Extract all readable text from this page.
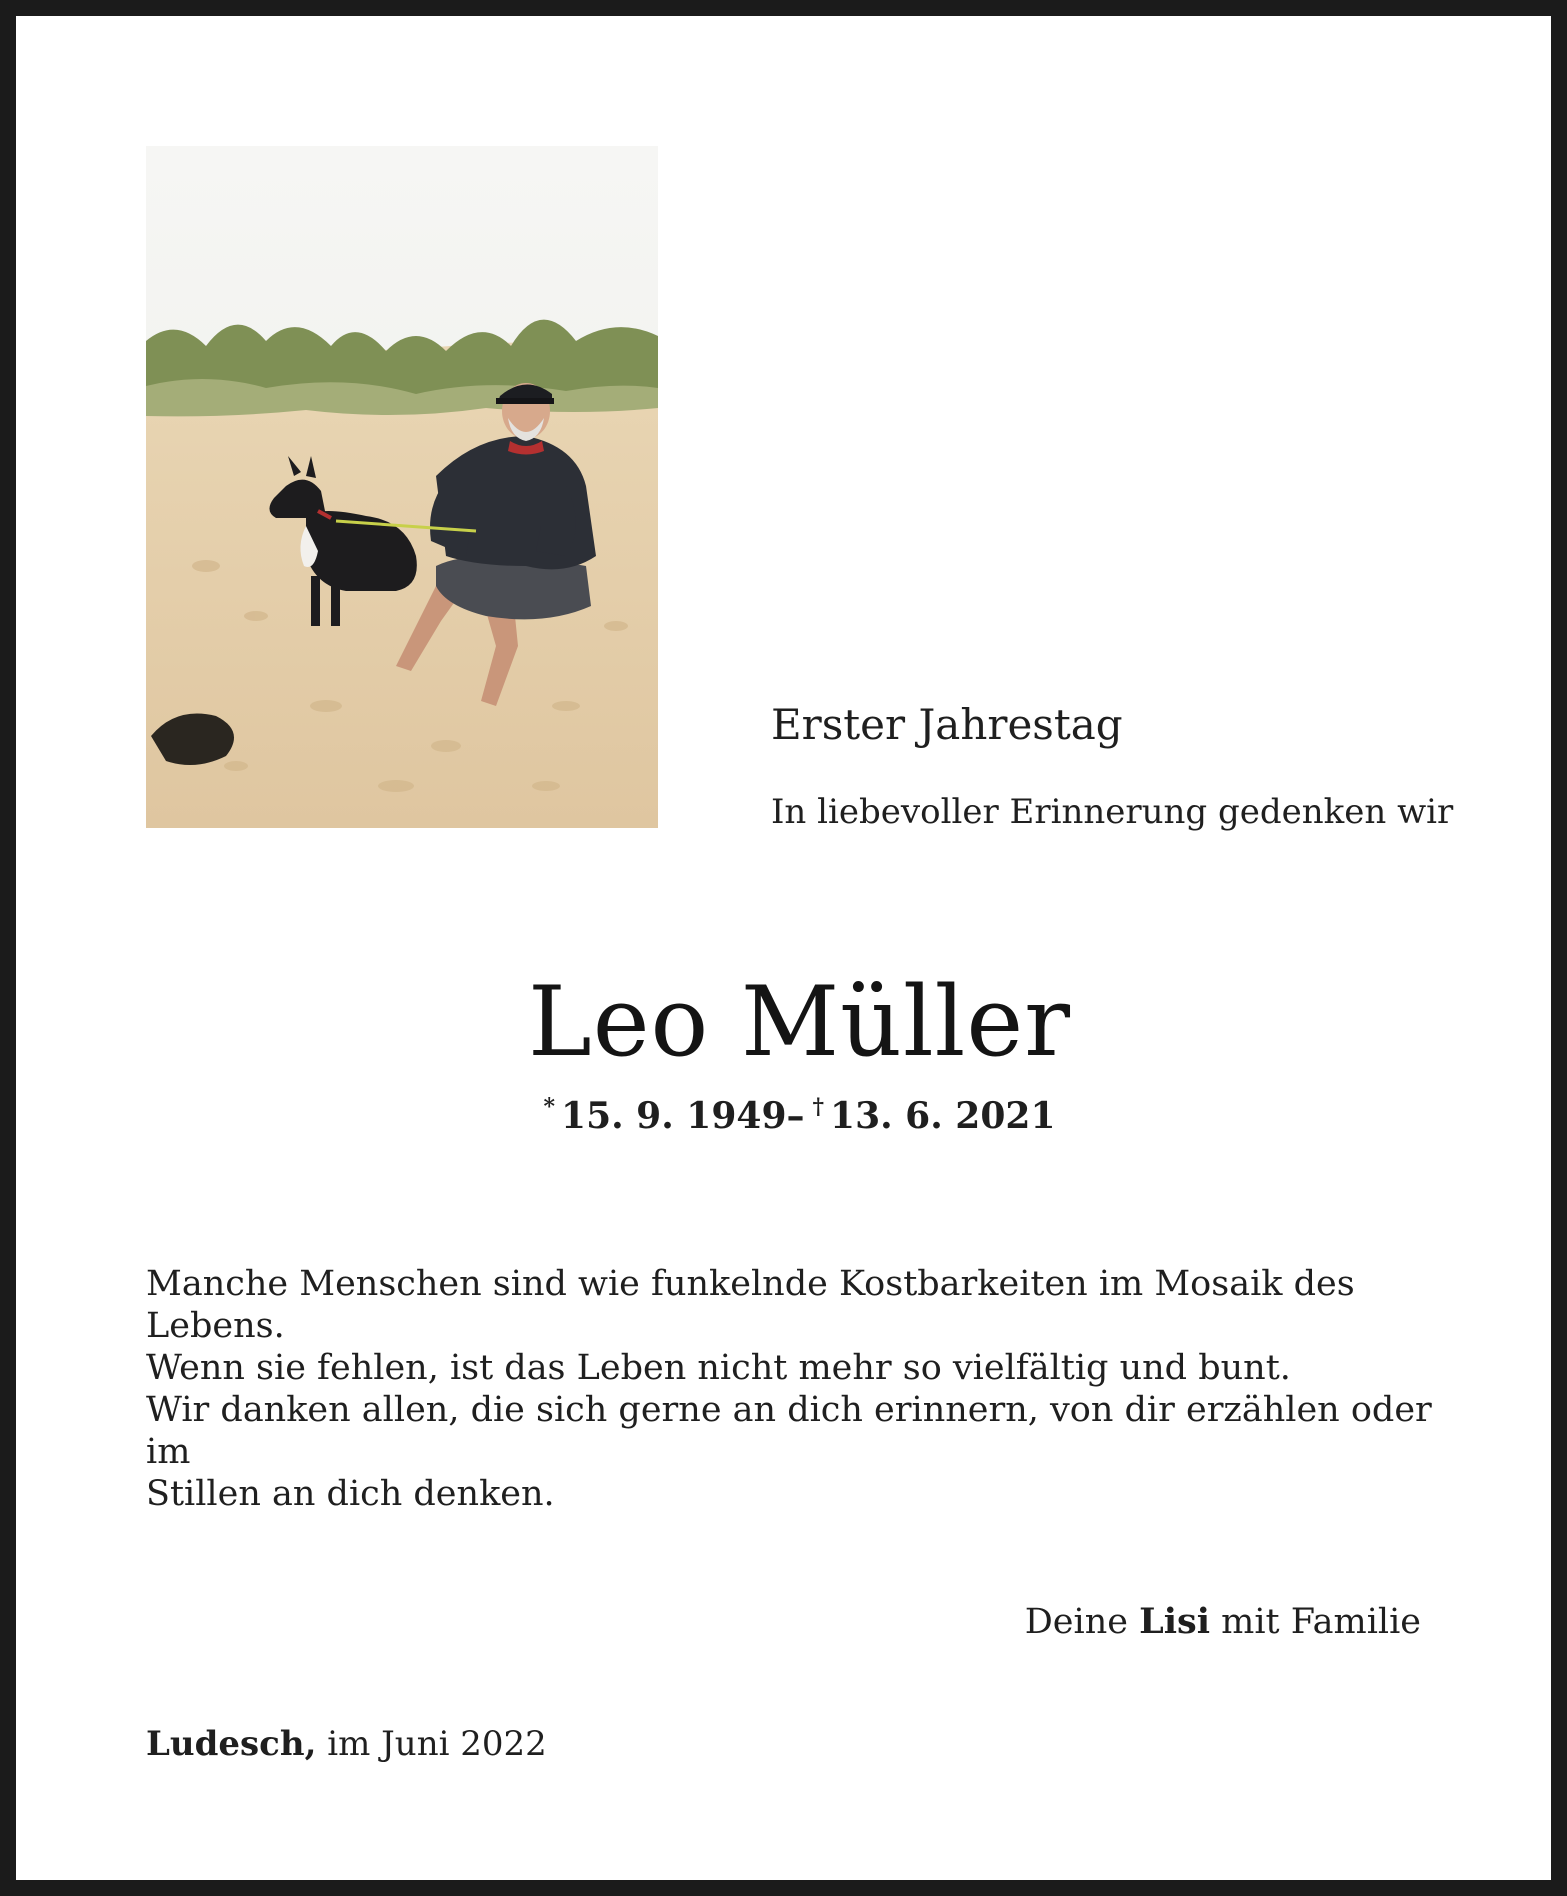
Erster Jahrestag
In liebevoller Erinnerung gedenken wir
Leo Müller
* 15. 9. 1949– † 13. 6. 2021
Manche Menschen sind wie funkelnde Kostbarkeiten im Mosaik des Lebens.
Wenn sie fehlen, ist das Leben nicht mehr so vielfältig und bunt.
Wir danken allen, die sich gerne an dich erinnern, von dir erzählen oder im
Stillen an dich denken.
Deine Lisi mit Familie
Ludesch, im Juni 2022
